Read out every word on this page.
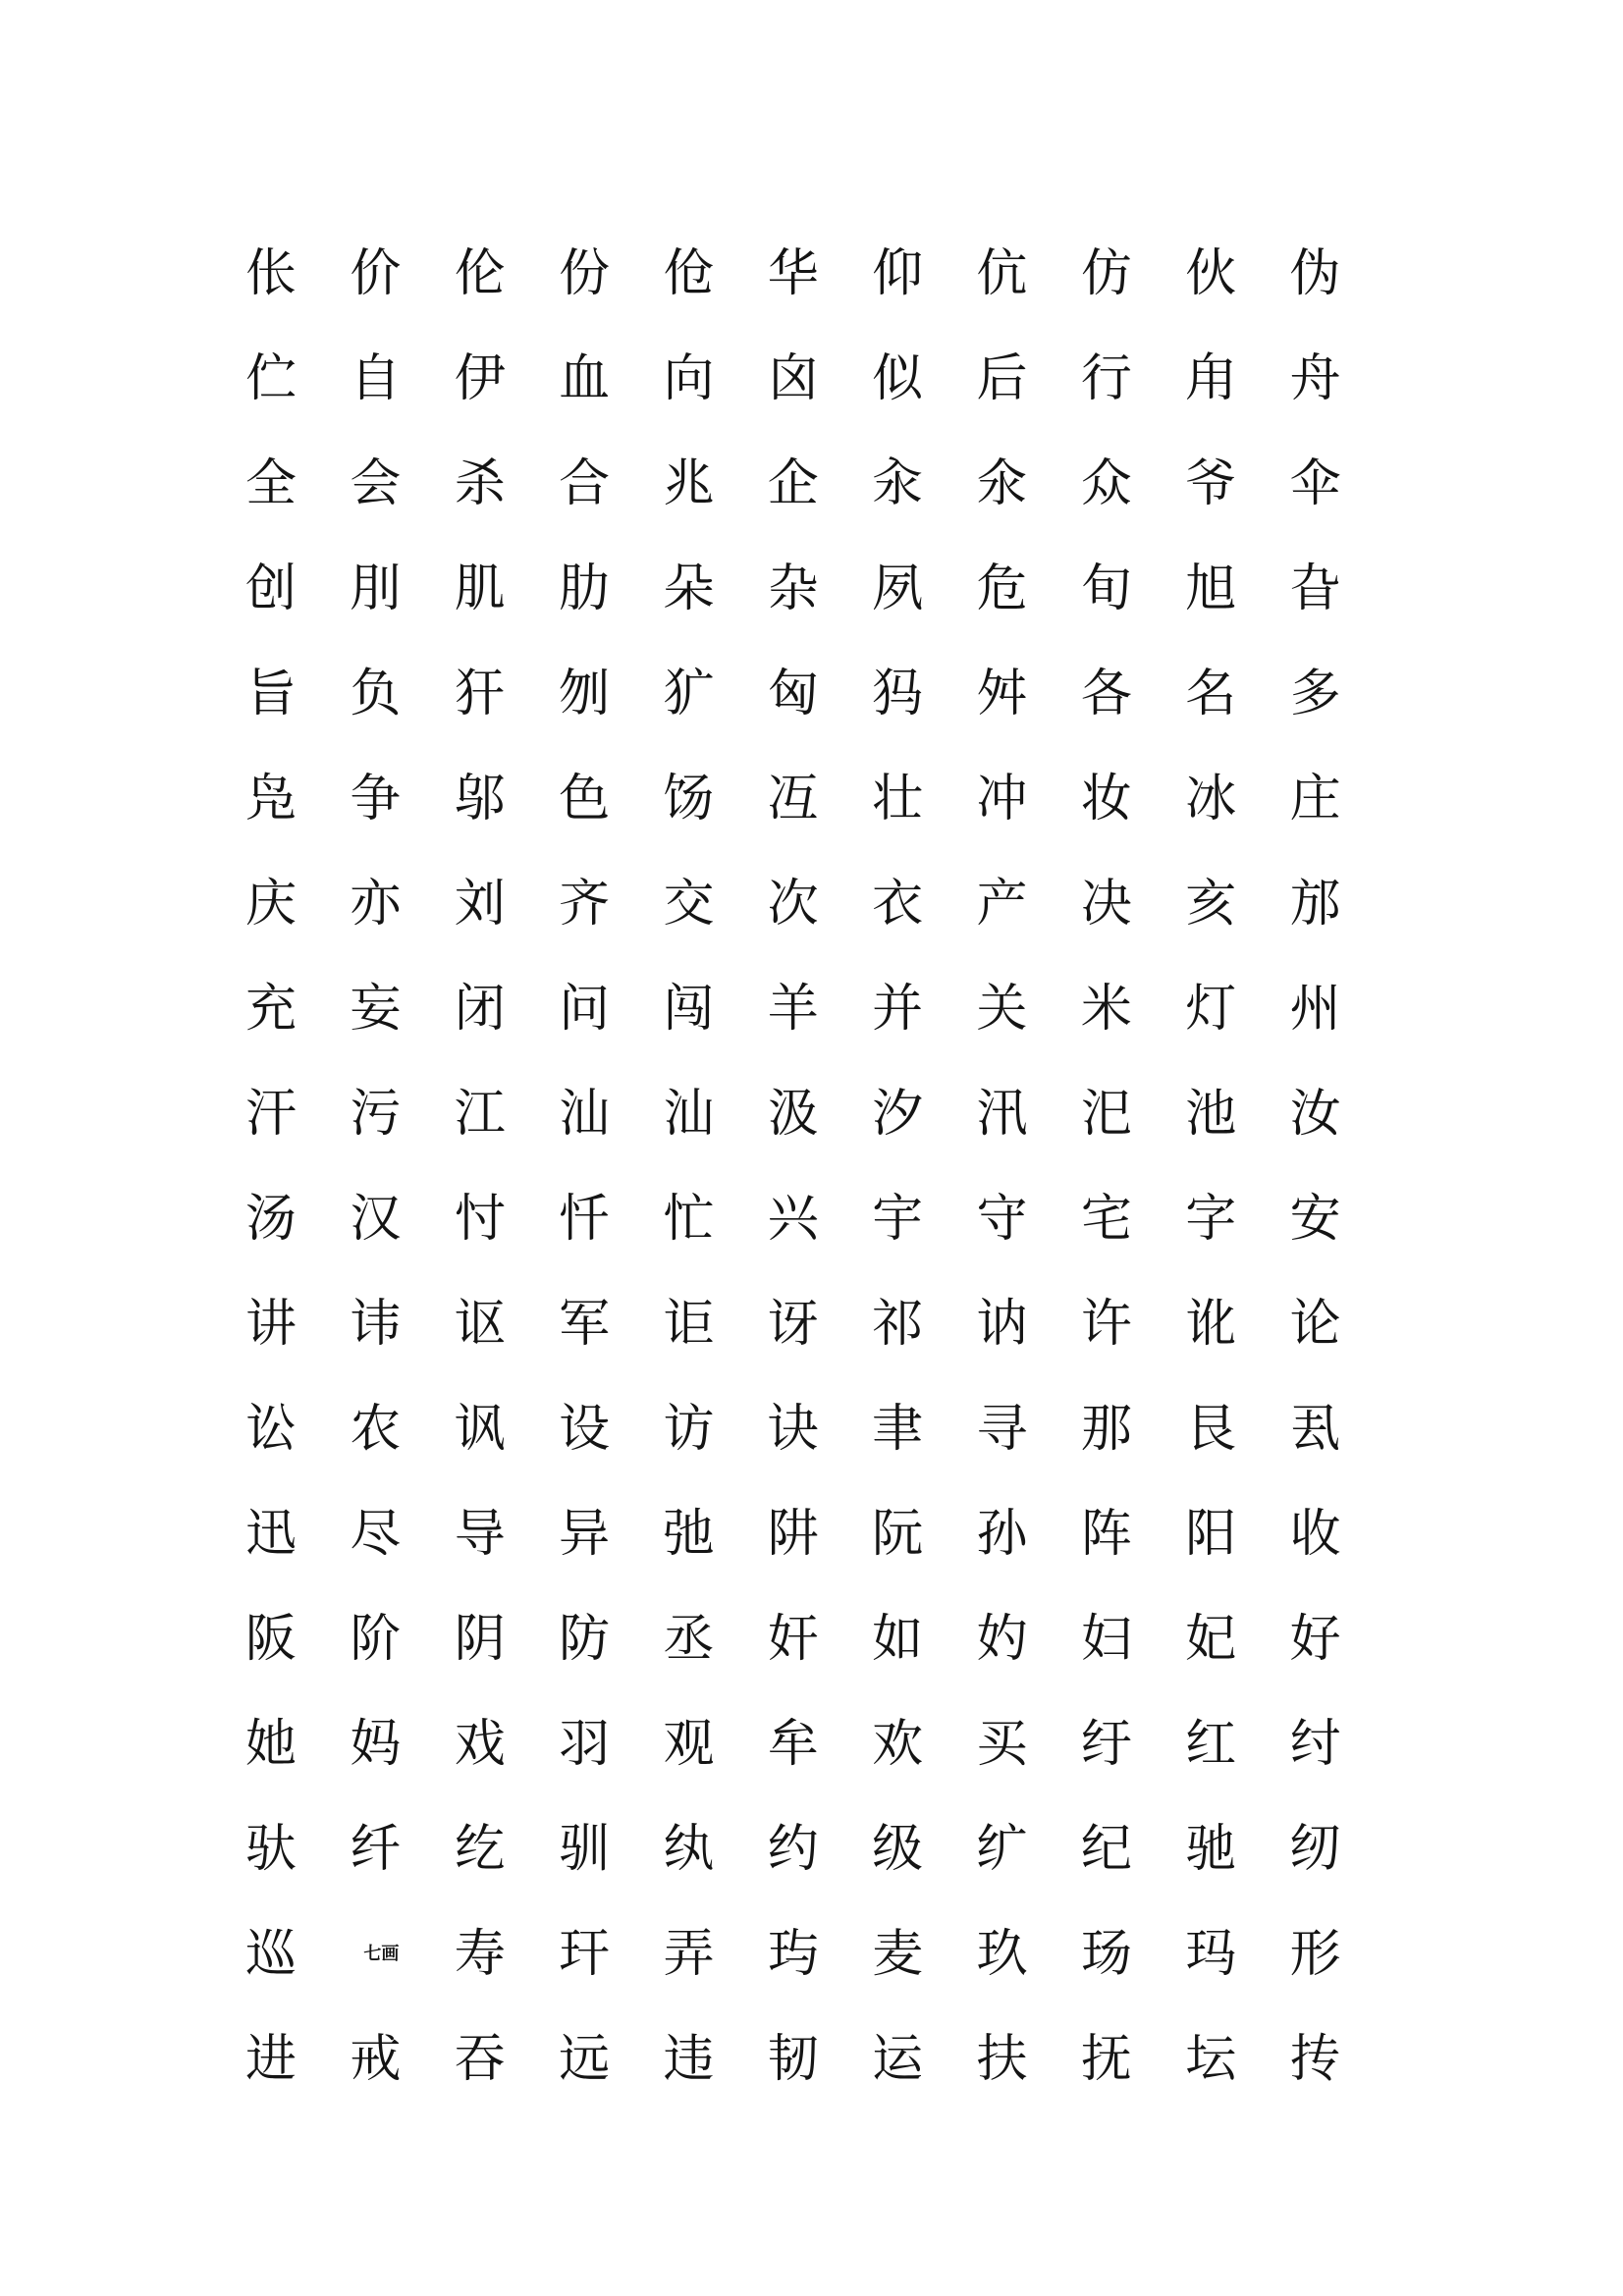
伥	价	伦	份	伧	华	仰	伉	仿	伙	伪
伫	自	伊	血	向	囟	似	后	行	甪	舟
全	会	杀	合	兆	企	汆	氽	众	爷	伞
创	刖	肌	肋	朵	杂	夙	危	旬	旭	旮
旨	负	犴	刎	犷	匈	犸	舛	各	名	多
凫	争	邬	色	饧	冱	壮	冲	妆	冰	庄
庆	亦	刘	齐	交	次	衣	产	决	亥	邡
充	妄	闭	问	闯	羊	并	关	米	灯	州
汗	污	江	汕	汕	汲	汐	汛	汜	池	汝
汤	汉	忖	忏	忙	兴	宇	守	宅	字	安
讲	讳	讴	军	讵	讶	祁	讷	许	讹	论
讼	农	讽	设	访	诀	聿	寻	那	艮	厾
迅	尽	导	异	弛	阱	阮	孙	阵	阳	收
阪	阶	阴	防	丞	奸	如	妁	妇	妃	好
她	妈	戏	羽	观	牟	欢	买	纡	红	纣
驮	纤	纥	驯	纨	约	级	纩	纪	驰	纫
巡	七画	寿	玕	弄	玙	麦	玖	玚	玛	形
进	戒	吞	远	违	韧	运	扶	抚	坛	抟
